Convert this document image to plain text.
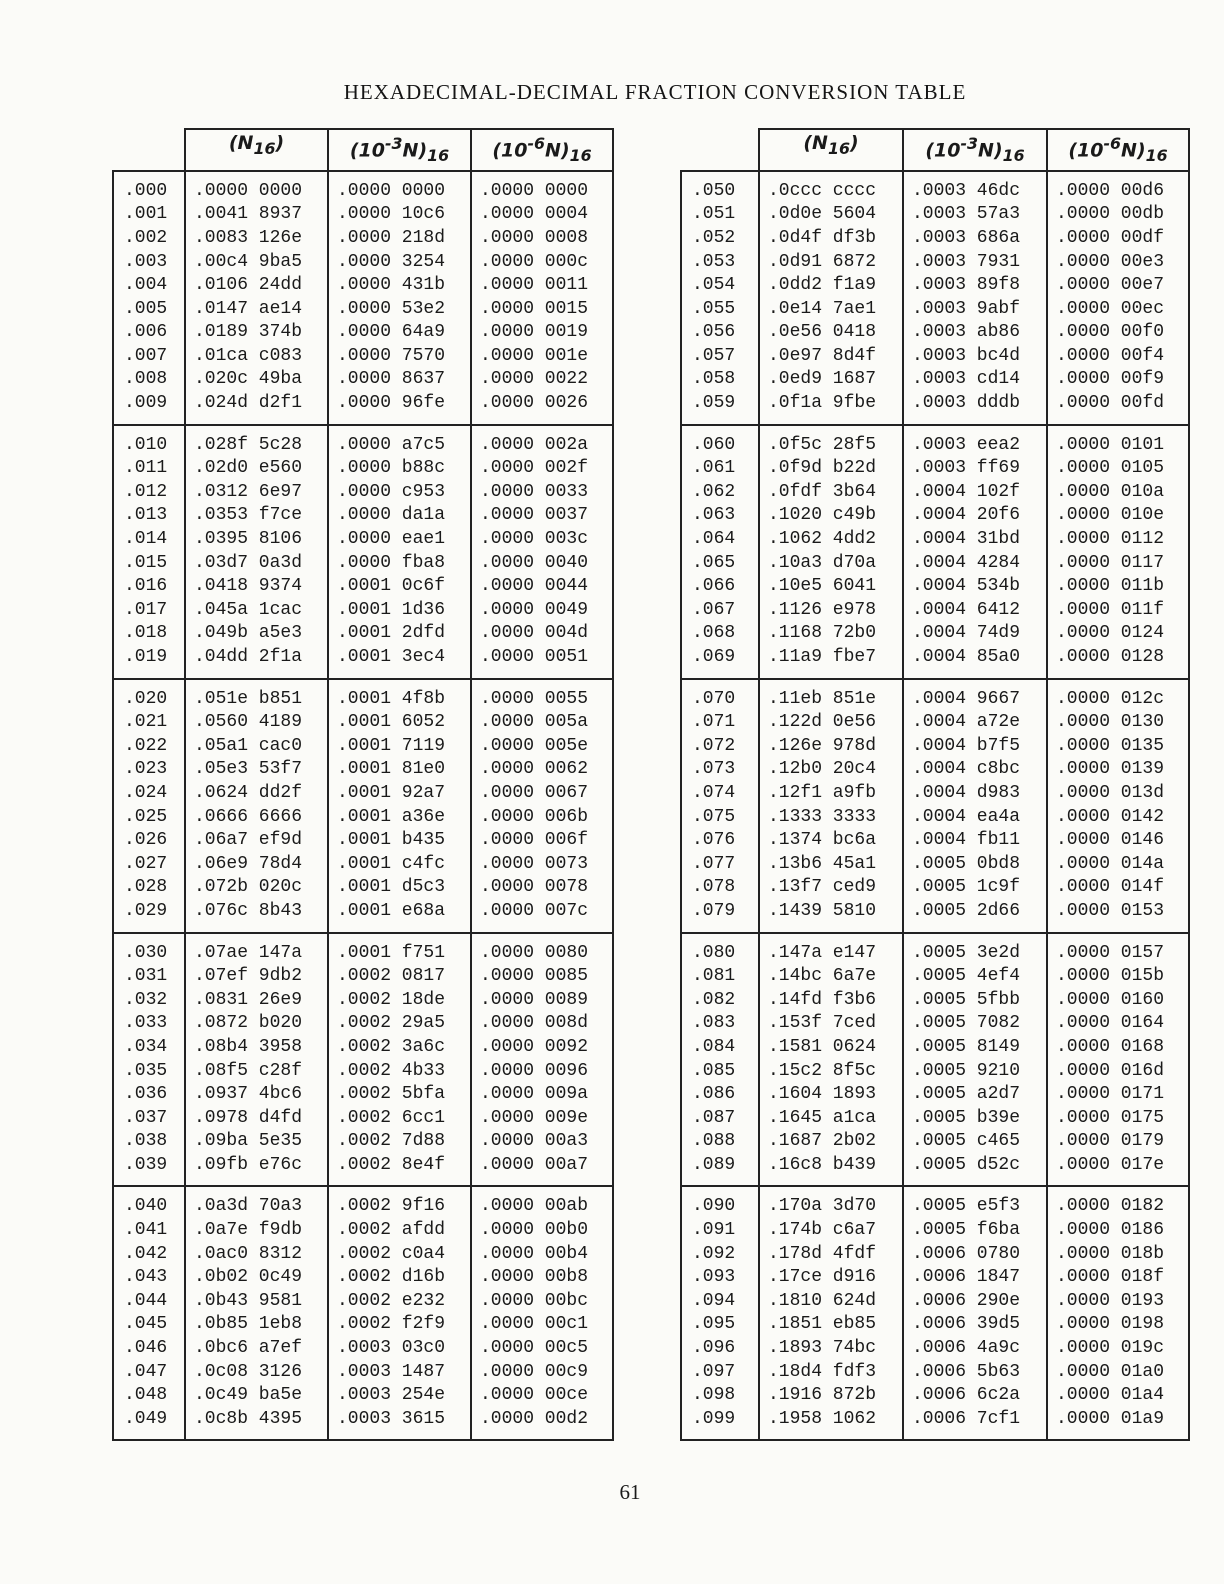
HEXADECIMAL-DECIMAL FRACTION CONVERSION TABLE
	$(N_{16})$	$(10^{-3}N)_{16}$	$(10^{-6}N)_{16}$
.000	.0000 0000	.0000 0000	.0000 0000
.001	.0041 8937	.0000 10c6	.0000 0004
.002	.0083 126e	.0000 218d	.0000 0008
.003	.00c4 9ba5	.0000 3254	.0000 000c
.004	.0106 24dd	.0000 431b	.0000 0011
.005	.0147 ae14	.0000 53e2	.0000 0015
.006	.0189 374b	.0000 64a9	.0000 0019
.007	.01ca c083	.0000 7570	.0000 001e
.008	.020c 49ba	.0000 8637	.0000 0022
.009	.024d d2f1	.0000 96fe	.0000 0026
.010	.028f 5c28	.0000 a7c5	.0000 002a
.011	.02d0 e560	.0000 b88c	.0000 002f
.012	.0312 6e97	.0000 c953	.0000 0033
.013	.0353 f7ce	.0000 da1a	.0000 0037
.014	.0395 8106	.0000 eae1	.0000 003c
.015	.03d7 0a3d	.0000 fba8	.0000 0040
.016	.0418 9374	.0001 0c6f	.0000 0044
.017	.045a 1cac	.0001 1d36	.0000 0049
.018	.049b a5e3	.0001 2dfd	.0000 004d
.019	.04dd 2f1a	.0001 3ec4	.0000 0051
.020	.051e b851	.0001 4f8b	.0000 0055
.021	.0560 4189	.0001 6052	.0000 005a
.022	.05a1 cac0	.0001 7119	.0000 005e
.023	.05e3 53f7	.0001 81e0	.0000 0062
.024	.0624 dd2f	.0001 92a7	.0000 0067
.025	.0666 6666	.0001 a36e	.0000 006b
.026	.06a7 ef9d	.0001 b435	.0000 006f
.027	.06e9 78d4	.0001 c4fc	.0000 0073
.028	.072b 020c	.0001 d5c3	.0000 0078
.029	.076c 8b43	.0001 e68a	.0000 007c
.030	.07ae 147a	.0001 f751	.0000 0080
.031	.07ef 9db2	.0002 0817	.0000 0085
.032	.0831 26e9	.0002 18de	.0000 0089
.033	.0872 b020	.0002 29a5	.0000 008d
.034	.08b4 3958	.0002 3a6c	.0000 0092
.035	.08f5 c28f	.0002 4b33	.0000 0096
.036	.0937 4bc6	.0002 5bfa	.0000 009a
.037	.0978 d4fd	.0002 6cc1	.0000 009e
.038	.09ba 5e35	.0002 7d88	.0000 00a3
.039	.09fb e76c	.0002 8e4f	.0000 00a7
.040	.0a3d 70a3	.0002 9f16	.0000 00ab
.041	.0a7e f9db	.0002 afdd	.0000 00b0
.042	.0ac0 8312	.0002 c0a4	.0000 00b4
.043	.0b02 0c49	.0002 d16b	.0000 00b8
.044	.0b43 9581	.0002 e232	.0000 00bc
.045	.0b85 1eb8	.0002 f2f9	.0000 00c1
.046	.0bc6 a7ef	.0003 03c0	.0000 00c5
.047	.0c08 3126	.0003 1487	.0000 00c9
.048	.0c49 ba5e	.0003 254e	.0000 00ce
.049	.0c8b 4395	.0003 3615	.0000 00d2
	$(N_{16})$	$(10^{-3}N)_{16}$	$(10^{-6}N)_{16}$
.050	.0ccc cccc	.0003 46dc	.0000 00d6
.051	.0d0e 5604	.0003 57a3	.0000 00db
.052	.0d4f df3b	.0003 686a	.0000 00df
.053	.0d91 6872	.0003 7931	.0000 00e3
.054	.0dd2 f1a9	.0003 89f8	.0000 00e7
.055	.0e14 7ae1	.0003 9abf	.0000 00ec
.056	.0e56 0418	.0003 ab86	.0000 00f0
.057	.0e97 8d4f	.0003 bc4d	.0000 00f4
.058	.0ed9 1687	.0003 cd14	.0000 00f9
.059	.0f1a 9fbe	.0003 dddb	.0000 00fd
.060	.0f5c 28f5	.0003 eea2	.0000 0101
.061	.0f9d b22d	.0003 ff69	.0000 0105
.062	.0fdf 3b64	.0004 102f	.0000 010a
.063	.1020 c49b	.0004 20f6	.0000 010e
.064	.1062 4dd2	.0004 31bd	.0000 0112
.065	.10a3 d70a	.0004 4284	.0000 0117
.066	.10e5 6041	.0004 534b	.0000 011b
.067	.1126 e978	.0004 6412	.0000 011f
.068	.1168 72b0	.0004 74d9	.0000 0124
.069	.11a9 fbe7	.0004 85a0	.0000 0128
.070	.11eb 851e	.0004 9667	.0000 012c
.071	.122d 0e56	.0004 a72e	.0000 0130
.072	.126e 978d	.0004 b7f5	.0000 0135
.073	.12b0 20c4	.0004 c8bc	.0000 0139
.074	.12f1 a9fb	.0004 d983	.0000 013d
.075	.1333 3333	.0004 ea4a	.0000 0142
.076	.1374 bc6a	.0004 fb11	.0000 0146
.077	.13b6 45a1	.0005 0bd8	.0000 014a
.078	.13f7 ced9	.0005 1c9f	.0000 014f
.079	.1439 5810	.0005 2d66	.0000 0153
.080	.147a e147	.0005 3e2d	.0000 0157
.081	.14bc 6a7e	.0005 4ef4	.0000 015b
.082	.14fd f3b6	.0005 5fbb	.0000 0160
.083	.153f 7ced	.0005 7082	.0000 0164
.084	.1581 0624	.0005 8149	.0000 0168
.085	.15c2 8f5c	.0005 9210	.0000 016d
.086	.1604 1893	.0005 a2d7	.0000 0171
.087	.1645 a1ca	.0005 b39e	.0000 0175
.088	.1687 2b02	.0005 c465	.0000 0179
.089	.16c8 b439	.0005 d52c	.0000 017e
.090	.170a 3d70	.0005 e5f3	.0000 0182
.091	.174b c6a7	.0005 f6ba	.0000 0186
.092	.178d 4fdf	.0006 0780	.0000 018b
.093	.17ce d916	.0006 1847	.0000 018f
.094	.1810 624d	.0006 290e	.0000 0193
.095	.1851 eb85	.0006 39d5	.0000 0198
.096	.1893 74bc	.0006 4a9c	.0000 019c
.097	.18d4 fdf3	.0006 5b63	.0000 01a0
.098	.1916 872b	.0006 6c2a	.0000 01a4
.099	.1958 1062	.0006 7cf1	.0000 01a9
61
